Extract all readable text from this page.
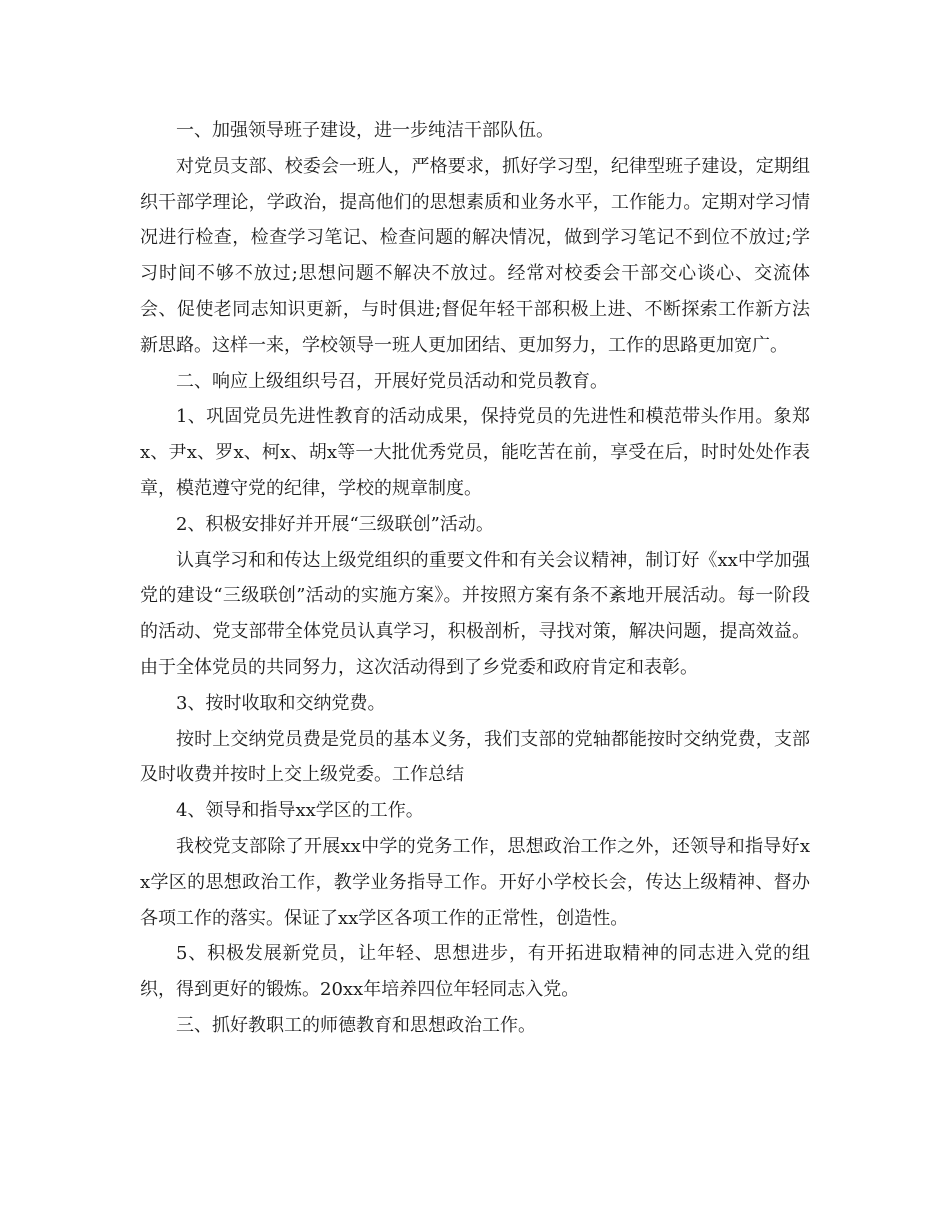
一、加强领导班子建设，进一步纯洁干部队伍。

对党员支部、校委会一班人，严格要求，抓好学习型，纪律型班子建设，定期组织干部学理论，学政治，提高他们的思想素质和业务水平，工作能力。定期对学习情况进行检查，检查学习笔记、检查问题的解决情况，做到学习笔记不到位不放过;学习时间不够不放过;思想问题不解决不放过。经常对校委会干部交心谈心、交流体会、促使老同志知识更新，与时俱进;督促年轻干部积极上进、不断探索工作新方法新思路。这样一来，学校领导一班人更加团结、更加努力，工作的思路更加宽广。

二、响应上级组织号召，开展好党员活动和党员教育。

1、巩固党员先进性教育的活动成果，保持党员的先进性和模范带头作用。象郑x、尹x、罗x、柯x、胡x等一大批优秀党员，能吃苦在前，享受在后，时时处处作表章，模范遵守党的纪律，学校的规章制度。

2、积极安排好并开展“三级联创”活动。

认真学习和和传达上级党组织的重要文件和有关会议精神，制订好《xx中学加强党的建设“三级联创”活动的实施方案》。并按照方案有条不紊地开展活动。每一阶段的活动、党支部带全体党员认真学习，积极剖析，寻找对策，解决问题，提高效益。由于全体党员的共同努力，这次活动得到了乡党委和政府肯定和表彰。

3、按时收取和交纳党费。

按时上交纳党员费是党员的基本义务，我们支部的党轴都能按时交纳党费，支部及时收费并按时上交上级党委。工作总结

4、领导和指导xx学区的工作。

我校党支部除了开展xx中学的党务工作，思想政治工作之外，还领导和指导好xx学区的思想政治工作，教学业务指导工作。开好小学校长会，传达上级精神、督办各项工作的落实。保证了xx学区各项工作的正常性，创造性。

5、积极发展新党员，让年轻、思想进步，有开拓进取精神的同志进入党的组织，得到更好的锻炼。20xx年培养四位年轻同志入党。

三、抓好教职工的师德教育和思想政治工作。
